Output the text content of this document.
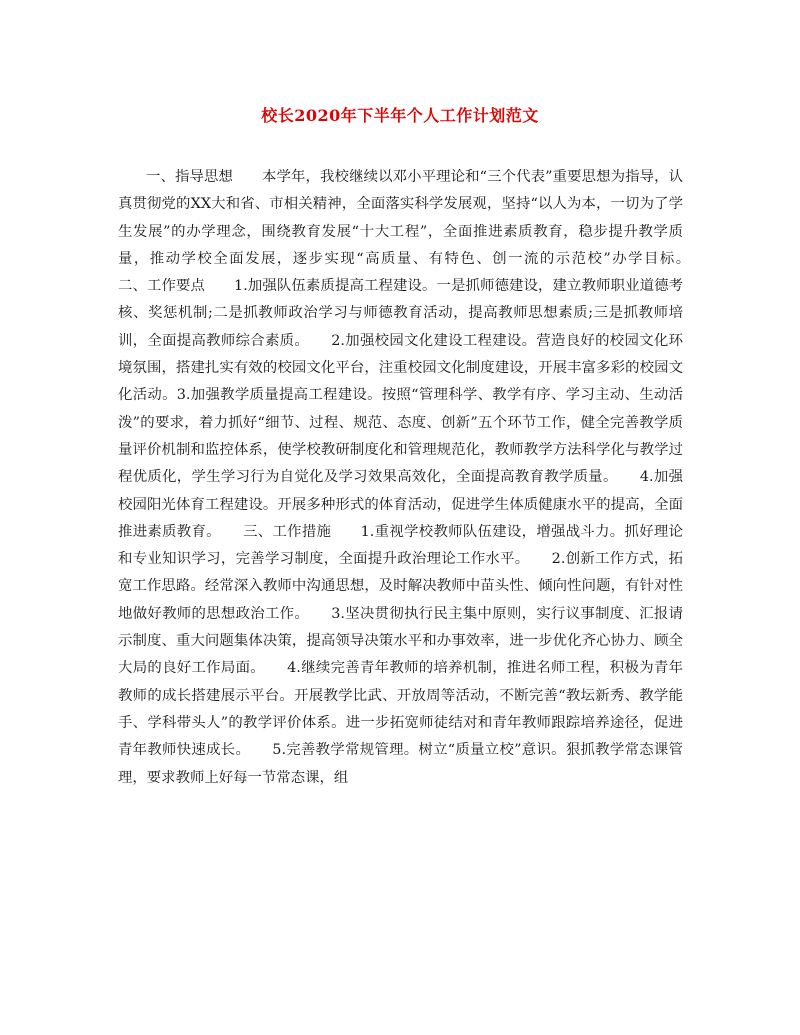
校长2020年下半年个人工作计划范文

一、指导思想　　本学年，我校继续以邓小平理论和“三个代表”重要思想为指导，认真贯彻党的XX大和省、市相关精神，全面落实科学发展观，坚持“以人为本，一切为了学生发展”的办学理念，围绕教育发展“十大工程”，全面推进素质教育，稳步提升教学质量，推动学校全面发展，逐步实现“高质量、有特色、创一流的示范校”办学目标。　　二、工作要点　　1.加强队伍素质提高工程建设。一是抓师德建设，建立教师职业道德考核、奖惩机制;二是抓教师政治学习与师德教育活动，提高教师思想素质;三是抓教师培训，全面提高教师综合素质。　　2.加强校园文化建设工程建设。营造良好的校园文化环境氛围，搭建扎实有效的校园文化平台，注重校园文化制度建设，开展丰富多彩的校园文化活动。3.加强教学质量提高工程建设。按照“管理科学、教学有序、学习主动、生动活泼”的要求，着力抓好“细节、过程、规范、态度、创新”五个环节工作，健全完善教学质量评价机制和监控体系，使学校教研制度化和管理规范化，教师教学方法科学化与教学过程优质化，学生学习行为自觉化及学习效果高效化，全面提高教育教学质量。　　4.加强校园阳光体育工程建设。开展多种形式的体育活动，促进学生体质健康水平的提高，全面推进素质教育。　　三、工作措施　　1.重视学校教师队伍建设，增强战斗力。抓好理论和专业知识学习，完善学习制度，全面提升政治理论工作水平。　　2.创新工作方式，拓宽工作思路。经常深入教师中沟通思想，及时解决教师中苗头性、倾向性问题，有针对性地做好教师的思想政治工作。　　3.坚决贯彻执行民主集中原则，实行议事制度、汇报请示制度、重大问题集体决策，提高领导决策水平和办事效率，进一步优化齐心协力、顾全大局的良好工作局面。　　4.继续完善青年教师的培养机制，推进名师工程，积极为青年教师的成长搭建展示平台。开展教学比武、开放周等活动，不断完善“教坛新秀、教学能手、学科带头人”的教学评价体系。进一步拓宽师徒结对和青年教师跟踪培养途径，促进青年教师快速成长。　　5.完善教学常规管理。树立“质量立校”意识。狠抓教学常态课管理，要求教师上好每一节常态课，组
